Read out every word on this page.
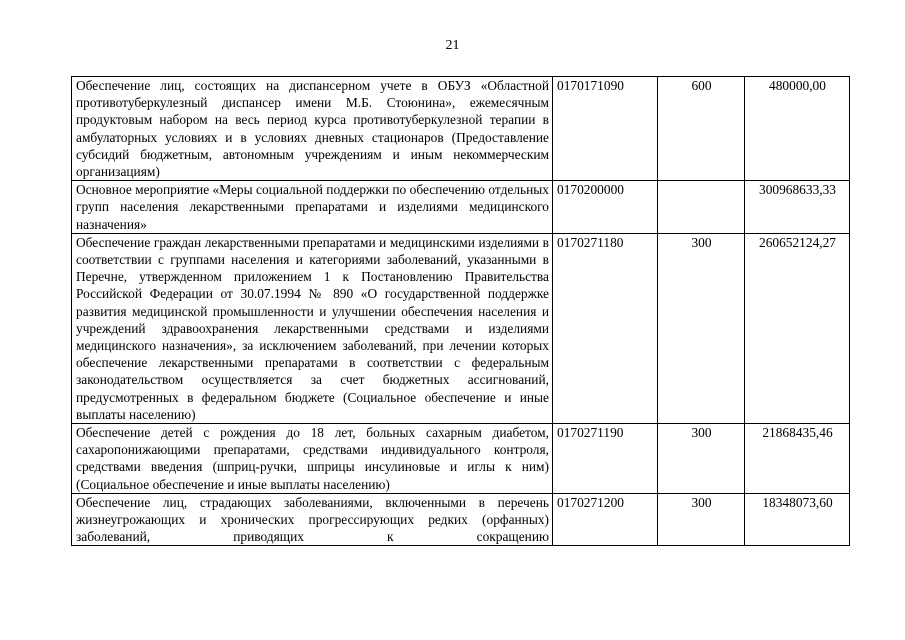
21
Обеспечение лиц, состоящих на диспансерном учете в ОБУЗ «Областной противотуберкулезный диспансер имени М.Б. Стоюнина», ежемесячным продуктовым набором на весь период курса противотуберкулезной терапии в амбулаторных условиях и в условиях дневных стационаров (Предоставление субсидий бюджетным, автономным учреждениям и иным некоммерческим организациям)	0170171090	600	480000,00
Основное мероприятие «Меры социальной поддержки по обеспечению отдельных групп населения лекарственными препаратами и изделиями медицинского назначения»	0170200000		300968633,33
Обеспечение граждан лекарственными препаратами и медицинскими изделиями в соответствии с группами населения и категориями заболеваний, указанными в Перечне, утвержденном приложением 1 к Постановлению Правительства Российской Федерации от 30.07.1994 № 890 «О государственной поддержке развития медицинской промышленности и улучшении обеспечения населения и учреждений здравоохранения лекарственными средствами и изделиями медицинского назначения», за исключением заболеваний, при лечении которых обеспечение лекарственными препаратами в соответствии с федеральным законодательством осуществляется за счет бюджетных ассигнований, предусмотренных в федеральном бюджете (Социальное обеспечение и иные выплаты населению)	0170271180	300	260652124,27
Обеспечение детей с рождения до 18 лет, больных сахарным диабетом, сахаропонижающими препаратами, средствами индивидуального контроля, средствами введения (шприц-ручки, шприцы инсулиновые и иглы к ним) (Социальное обеспечение и иные выплаты населению)	0170271190	300	21868435,46

Обеспечение лиц, страдающих заболеваниями, включенными в перечень жизнеугрожающих и хронических прогрессирующих редких (орфанных) заболеваний, приводящих к сокращению	0170271200	300	18348073,60
